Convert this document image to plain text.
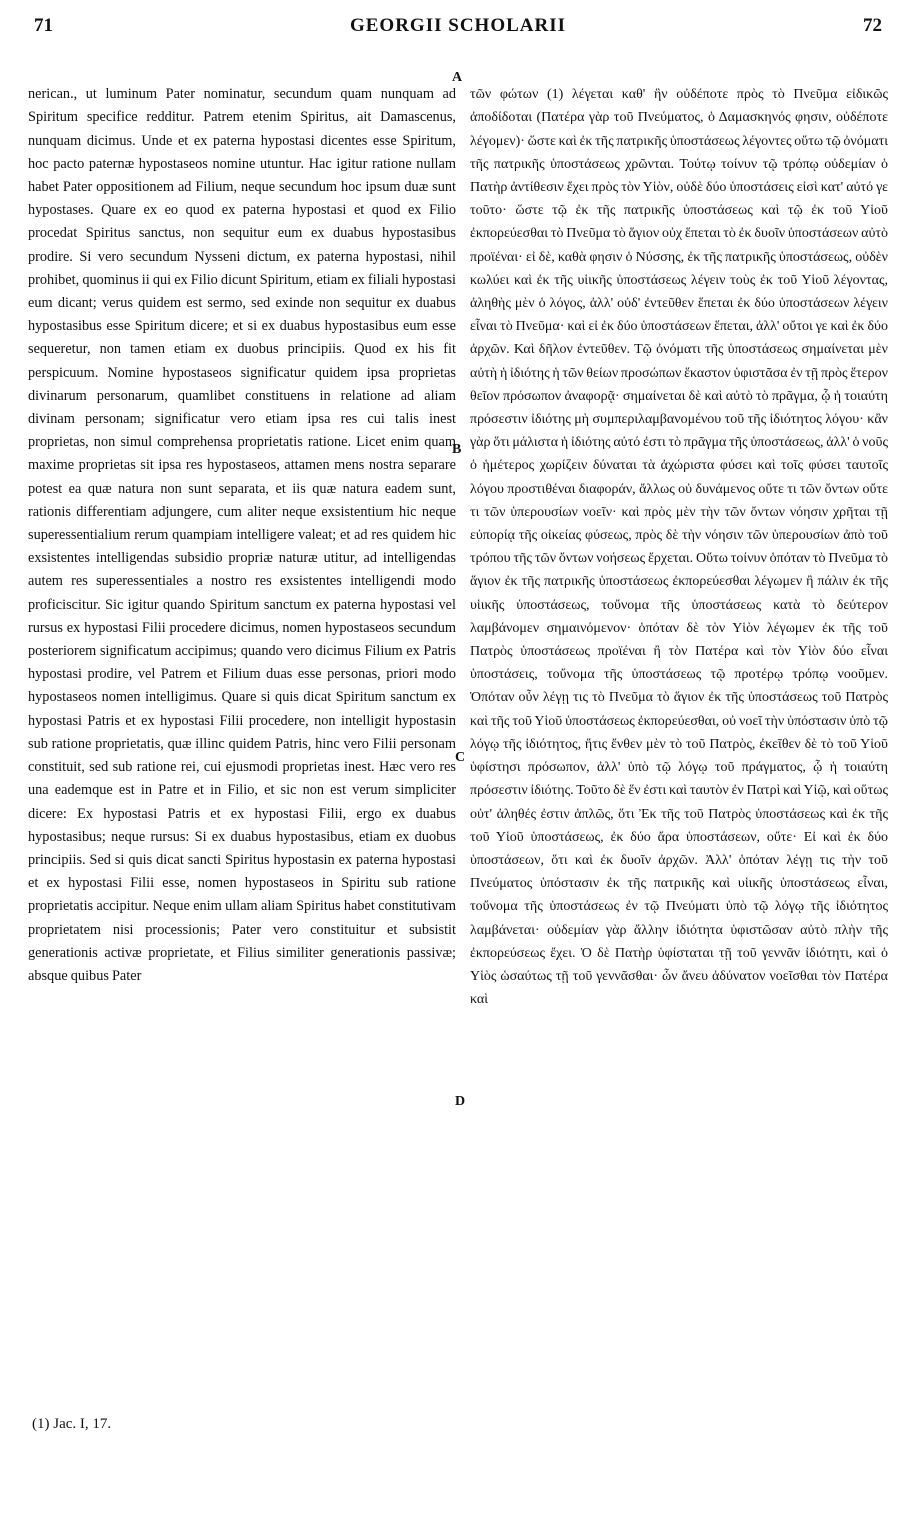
71	GEORGII SCHOLARII	72

nerican., ut luminum Pater nominatur, secundum quam nunquam ad Spiritum specifice redditur. Patrem etenim Spiritus, ait Damascenus, nunquam dicimus. Unde et ex paterna hypostasi dicentes esse Spiritum, hoc pacto paternæ hypostaseos nomine utuntur. Hac igitur ratione nullam habet Pater oppositionem ad Filium, neque secundum hoc ipsum duæ sunt hypostases. Quare ex eo quod ex paterna hypostasi et quod ex Filio procedat Spiritus sanctus, non sequitur eum ex duabus hypostasibus prodire. Si vero secundum Nysseni dictum, ex paterna hypostasi, nihil prohibet, quominus ii qui ex Filio dicunt Spiritum, etiam ex filiali hypostasi eum dicant; verus quidem est sermo, sed exinde non sequitur ex duabus hypostasibus esse Spiritum dicere; et si ex duabus hypostasibus eum esse sequeretur, non tamen etiam ex duobus principiis. Quod ex his fit perspicuum. Nomine hypostaseos significatur quidem ipsa proprietas divinarum personarum, quamlibet constituens in relatione ad aliam divinam personam; significatur vero etiam ipsa res cui talis inest proprietas, non simul comprehensa proprietatis ratione. Licet enim quam maxime proprietas sit ipsa res hypostaseos, attamen mens nostra separare potest ea quæ natura non sunt separata, et iis quæ natura eadem sunt, rationis differentiam adjungere, cum aliter neque exsistentium hic neque superessentialium rerum quampiam intelligere valeat; et ad res quidem hic exsistentes intelligendas subsidio propriæ naturæ utitur, ad intelligendas autem res superessentiales a nostro res exsistentes intelligendi modo proficiscitur. Sic igitur quando Spiritum sanctum ex paterna hypostasi vel rursus ex hypostasi Filii procedere dicimus, nomen hypostaseos secundum posteriorem significatum accipimus; quando vero dicimus Filium ex Patris hypostasi prodire, vel Patrem et Filium duas esse personas, priori modo hypostaseos nomen intelligimus. Quare si quis dicat Spiritum sanctum ex hypostasi Patris et ex hypostasi Filii procedere, non intelligit hypostasin sub ratione proprietatis, quæ illinc quidem Patris, hinc vero Filii personam constituit, sed sub ratione rei, cui ejusmodi proprietas inest. Hæc vero res una eademque est in Patre et in Filio, et sic non est verum simpliciter dicere: Ex hypostasi Patris et ex hypostasi Filii, ergo ex duabus hypostasibus; neque rursus: Si ex duabus hypostasibus, etiam ex duobus principiis. Sed si quis dicat sancti Spiritus hypostasin ex paterna hypostasi et ex hypostasi Filii esse, nomen hypostaseos in Spiritu sub ratione proprietatis accipitur. Neque enim ullam aliam Spiritus habet constitutivam proprietatem nisi processionis; Pater vero constituitur et subsistit generationis activæ proprietate, et Filius similiter generationis passivæ; absque quibus Pater

τῶν φώτων (1) λέγεται καθ' ἣν οὐδέποτε πρὸς τὸ Πνεῦμα εἰδικῶς ἀποδίδοται (Πατέρα γὰρ τοῦ Πνεύματος, ὁ Δαμασκηνός φησιν, οὐδέποτε λέγομεν)· ὥστε καὶ ἐκ τῆς πατρικῆς ὑποστάσεως λέγοντες οὕτω τῷ ὀνόματι τῆς πατρικῆς ὑποστάσεως χρῶνται. Τούτῳ τοίνυν τῷ τρόπῳ οὐδεμίαν ὁ Πατὴρ ἀντίθεσιν ἔχει πρὸς τὸν Υἱὸν, οὐδὲ δύο ὑποστάσεις εἰσὶ κατ' αὐτό γε τοῦτο· ὥστε τῷ ἐκ τῆς πατρικῆς ὑποστάσεως καὶ τῷ ἐκ τοῦ Υἱοῦ ἐκπορεύεσθαι τὸ Πνεῦμα τὸ ἅγιον οὐχ ἕπεται τὸ ἐκ δυοῖν ὑποστάσεων αὐτὸ προϊέναι· εἰ δὲ, καθὰ φησιν ὁ Νύσσης, ἐκ τῆς πατρικῆς ὑποστάσεως, οὐδὲν κωλύει καὶ ἐκ τῆς υἱικῆς ὑποστάσεως λέγειν τοὺς ἐκ τοῦ Υἱοῦ λέγοντας, ἀληθὴς μὲν ὁ λόγος, ἀλλ' οὐδ' ἐντεῦθεν ἕπεται ἐκ δύο ὑποστάσεων λέγειν εἶναι τὸ Πνεῦμα· καὶ εἰ ἐκ δύο ὑποστάσεων ἕπεται, ἀλλ' οὔτοι γε καὶ ἐκ δύο ἀρχῶν. Καὶ δῆλον ἐντεῦθεν. Τῷ ὀνόματι τῆς ὑποστάσεως σημαίνεται μὲν αὐτὴ ἡ ἰδιότης ἡ τῶν θείων προσώπων ἕκαστον ὑφιστᾶσα ἐν τῇ πρὸς ἕτερον θεῖον πρόσωπον ἀναφορᾷ· σημαίνεται δὲ καὶ αὐτὸ τὸ πρᾶγμα, ᾧ ἡ τοιαύτη πρόσεστιν ἰδιότης μὴ συμπεριλαμβανομένου τοῦ τῆς ἰδιότητος λόγου· κἂν γὰρ ὅτι μάλιστα ἡ ἰδιότης αὐτό ἐστι τὸ πρᾶγμα τῆς ὑποστάσεως, ἀλλ' ὁ νοῦς ὁ ἡμέτερος χωρίζειν δύναται τὰ ἀχώριστα φύσει καὶ τοῖς φύσει ταυτοῖς λόγου προστιθέναι διαφοράν, ἄλλως οὐ δυνάμενος οὔτε τι τῶν ὄντων οὔτε τι τῶν ὑπερουσίων νοεῖν· καὶ πρὸς μὲν τὴν τῶν ὄντων νόησιν χρῆται τῇ εὐπορίᾳ τῆς οἰκείας φύσεως, πρὸς δὲ τὴν νόησιν τῶν ὑπερουσίων ἀπὸ τοῦ τρόπου τῆς τῶν ὄντων νοήσεως ἔρχεται. Οὕτω τοίνυν ὁπόταν τὸ Πνεῦμα τὸ ἅγιον ἐκ τῆς πατρικῆς ὑποστάσεως ἐκπορεύεσθαι λέγωμεν ἢ πάλιν ἐκ τῆς υἱικῆς ὑποστάσεως, τοὔνομα τῆς ὑποστάσεως κατὰ τὸ δεύτερον λαμβάνομεν σημαινόμενον· ὁπόταν δὲ τὸν Υἱὸν λέγωμεν ἐκ τῆς τοῦ Πατρὸς ὑποστάσεως προϊέναι ἢ τὸν Πατέρα καὶ τὸν Υἱὸν δύο εἶναι ὑποστάσεις, τοὔνομα τῆς ὑποστάσεως τῷ προτέρῳ τρόπῳ νοοῦμεν. Ὁπόταν οὖν λέγῃ τις τὸ Πνεῦμα τὸ ἅγιον ἐκ τῆς ὑποστάσεως τοῦ Πατρὸς καὶ τῆς τοῦ Υἱοῦ ὑποστάσεως ἐκπορεύεσθαι, οὐ νοεῖ τὴν ὑπόστασιν ὑπὸ τῷ λόγῳ τῆς ἰδιότητος, ἥτις ἔνθεν μὲν τὸ τοῦ Πατρὸς, ἐκεῖθεν δὲ τὸ τοῦ Υἱοῦ ὑφίστησι πρόσωπον, ἀλλ' ὑπὸ τῷ λόγῳ τοῦ πράγματος, ᾧ ἡ τοιαύτη πρόσεστιν ἰδιότης. Τοῦτο δὲ ἕν ἐστι καὶ ταυτὸν ἐν Πατρὶ καὶ Υἱῷ, καὶ οὕτως οὐτ' ἀληθές ἐστιν ἁπλῶς, ὅτι Ἐκ τῆς τοῦ Πατρὸς ὑποστάσεως καὶ ἐκ τῆς τοῦ Υἱοῦ ὑποστάσεως, ἐκ δύο ἄρα ὑποστάσεων, οὔτε· Εἰ καὶ ἐκ δύο ὑποστάσεων, ὅτι καὶ ἐκ δυοῖν ἀρχῶν. Ἀλλ' ὁπόταν λέγῃ τις τὴν τοῦ Πνεύματος ὑπόστασιν ἐκ τῆς πατρικῆς καὶ υἱικῆς ὑποστάσεως εἶναι, τοὔνομα τῆς ὑποστάσεως ἐν τῷ Πνεύματι ὑπὸ τῷ λόγῳ τῆς ἰδιότητος λαμβάνεται· οὐδεμίαν γὰρ ἄλλην ἰδιότητα ὑφιστῶσαν αὐτὸ πλὴν τῆς ἐκπορεύσεως ἔχει. Ὁ δὲ Πατὴρ ὑφίσταται τῇ τοῦ γεννᾶν ἰδιότητι, καὶ ὁ Υἱὸς ὡσαύτως τῇ τοῦ γεννᾶσθαι· ὧν ἄνευ ἀδύνατον νοεῖσθαι τὸν Πατέρα καὶ

A
B
C
D
(1) Jac. I, 17.
